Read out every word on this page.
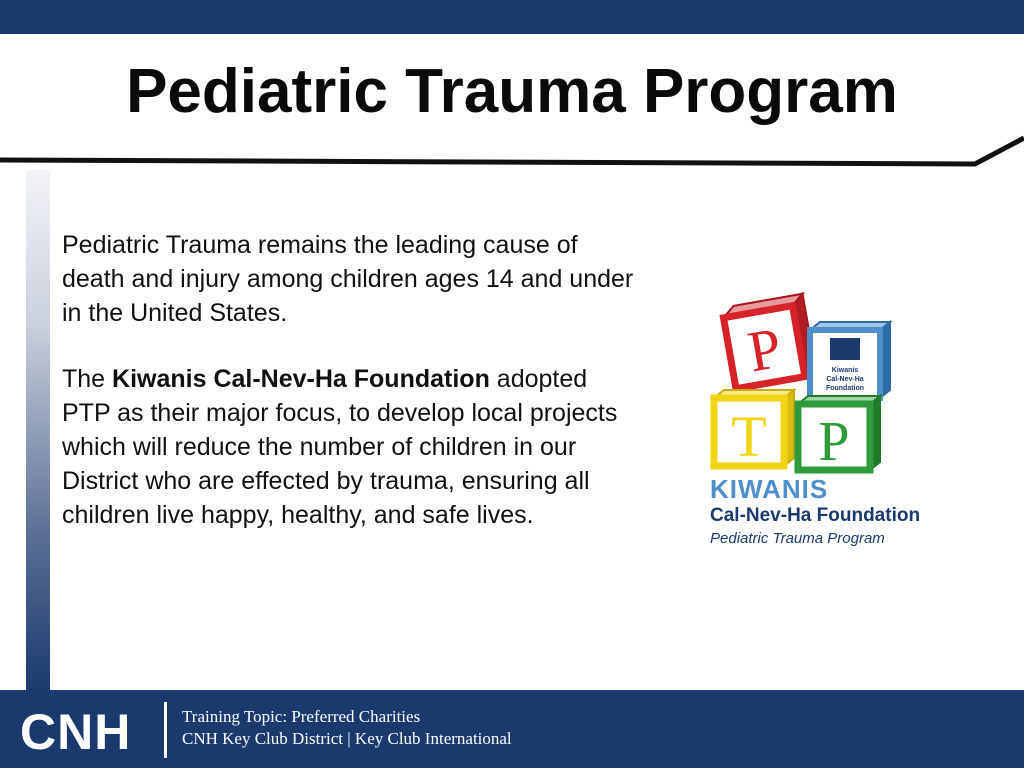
Pediatric Trauma Program

Pediatric Trauma remains the leading cause of death and injury among children ages 14 and under in the United States.

The Kiwanis Cal-Nev-Ha Foundation adopted PTP as their major focus, to develop local projects which will reduce the number of children in our District who are effected by trauma, ensuring all children live happy, healthy, and safe lives.

P	Kiwanis
Cal-Nev-Ha
Foundation
T P
KIWANIS
Cal-Nev-Ha Foundation
Pediatric Trauma Program
CNH	Training Topic: Preferred Charities
CNH Key Club District | Key Club International
